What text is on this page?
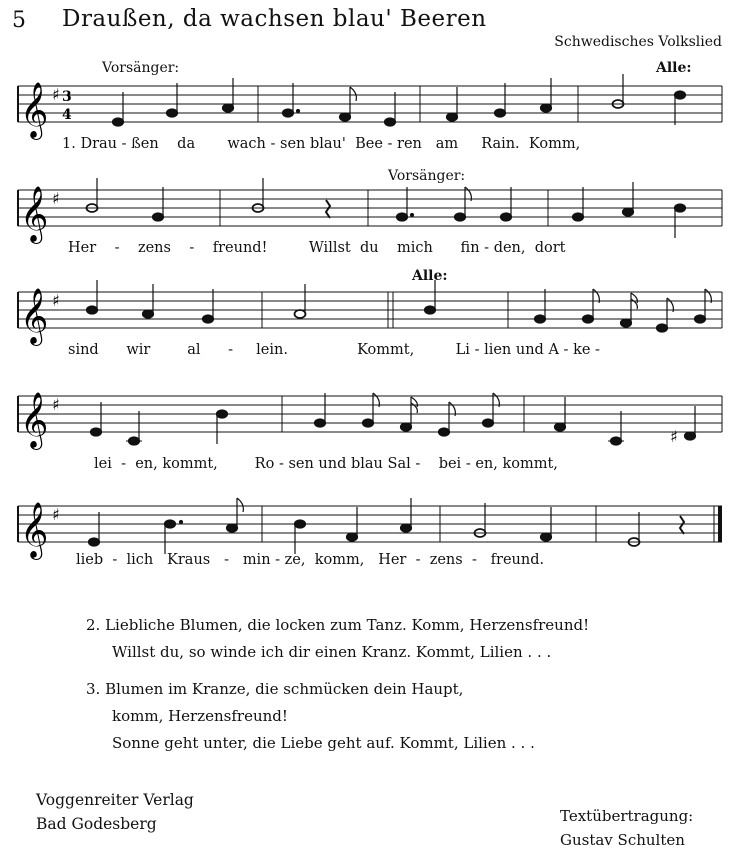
5 Draußen, da wachsen blau' Beeren
Schwedisches Volkslied
Vorsänger:	Alle:
𝄞 ♯ 3
4
1. Drau - ßen da wach - sen blau' Bee - ren am Rain. Komm,
Vorsänger:
𝄞 ♯
Her - zens - freund!	Willst du mich fin - den, dort
Alle:
𝄞 ♯
sind wir	al - lein.	Kommt,	Li - lien und A - ke -
𝄞 ♯
♯
lei - en, kommt,	Ro - sen und blau Sal - bei - en, kommt,
𝄞 ♯
lieb - lich Kraus - min - ze, komm, Her - zens - freund.
2. Liebliche Blumen, die locken zum Tanz. Komm, Herzensfreund!
Willst du, so winde ich dir einen Kranz. Kommt, Lilien . . .
3. Blumen im Kranze, die schmücken dein Haupt,
komm, Herzensfreund!
Sonne geht unter, die Liebe geht auf. Kommt, Lilien . . .
Voggenreiter Verlag
Bad Godesberg	Textübertragung:
Gustav Schulten
